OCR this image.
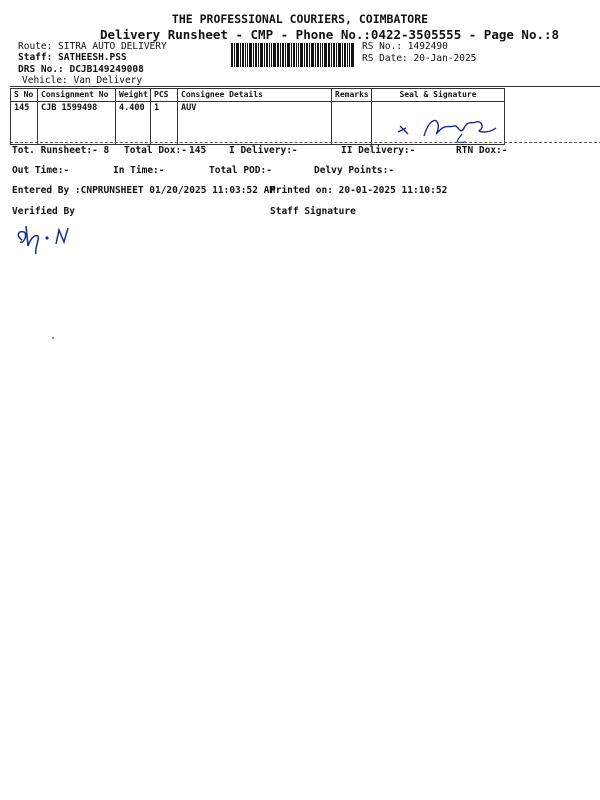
THE PROFESSIONAL COURIERS, COIMBATORE
Delivery Runsheet - CMP - Phone No.:0422-3505555 - Page No.:8
Route: SITRA AUTO DELIVERY
Staff: SATHEESH.PSS
DRS No.: DCJB149249008
Vehicle: Van Delivery
RS No.: 1492490
RS Date: 20-Jan-2025
S No	Consignment No	Weight	PCS	Consignee Details	Remarks	Seal & Signature
145	CJB 1599498	4.400	1	AUV		
Tot. Runsheet:- 8 Total Dox:- 145 I Delivery:-	II Delivery:-	RTN Dox:-
Out Time:-	In Time:-	Total POD:-	Delvy Points:-
Entered By :CNPRUNSHEET 01/20/2025 11:03:52 AM
Printed on: 20-01-2025 11:10:52
Verified By	Staff Signature
